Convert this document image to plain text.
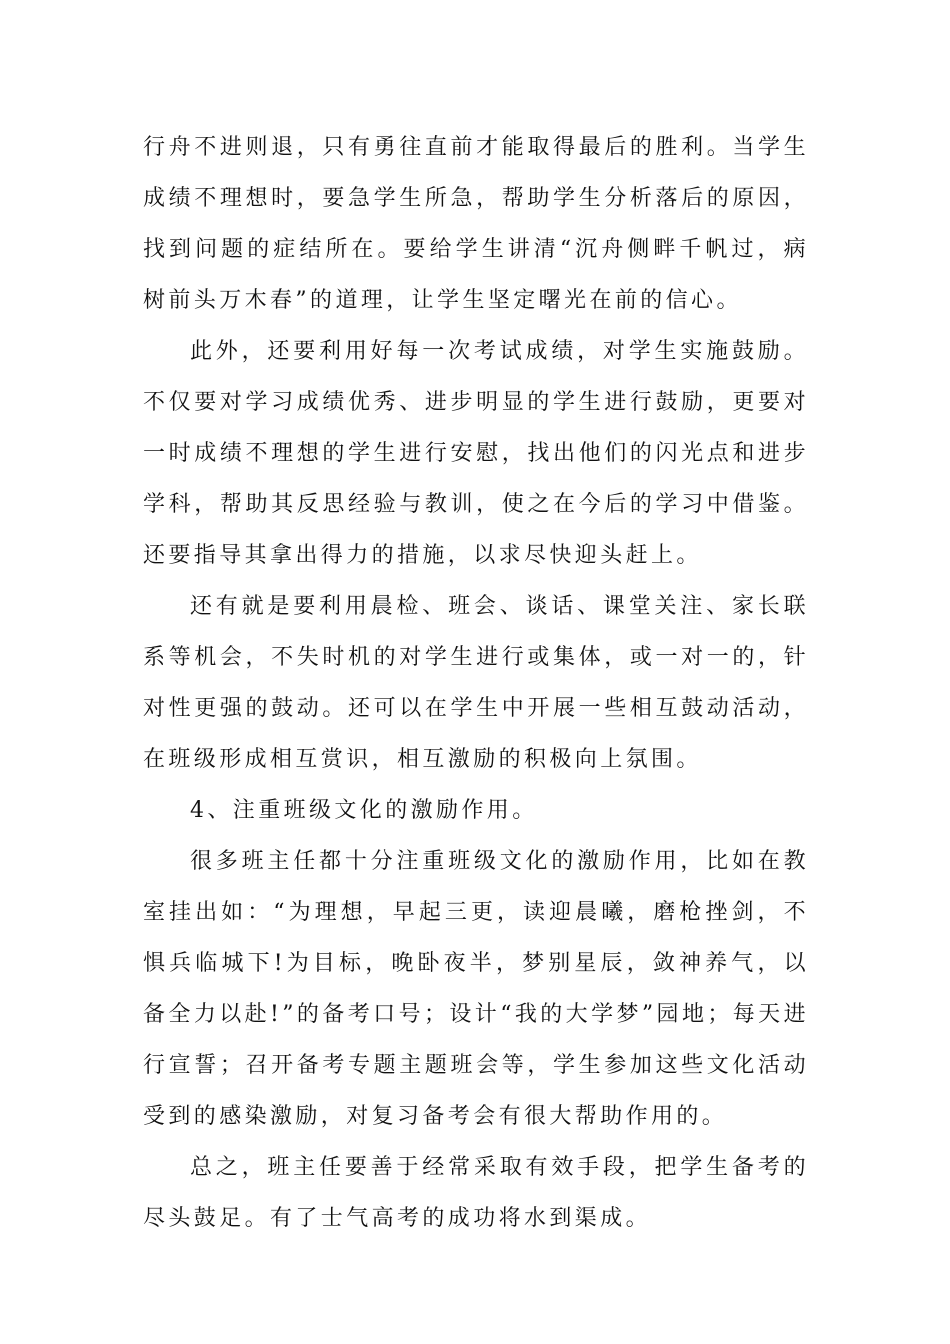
行舟不进则退，只有勇往直前才能取得最后的胜利。当学生成绩不理想时，要急学生所急，帮助学生分析落后的原因，找到问题的症结所在。要给学生讲清“沉舟侧畔千帆过，病树前头万木春”的道理，让学生坚定曙光在前的信心。

此外，还要利用好每一次考试成绩，对学生实施鼓励。不仅要对学习成绩优秀、进步明显的学生进行鼓励，更要对一时成绩不理想的学生进行安慰，找出他们的闪光点和进步学科，帮助其反思经验与教训，使之在今后的学习中借鉴。还要指导其拿出得力的措施，以求尽快迎头赶上。

还有就是要利用晨检、班会、谈话、课堂关注、家长联系等机会，不失时机的对学生进行或集体，或一对一的，针对性更强的鼓动。还可以在学生中开展一些相互鼓动活动，在班级形成相互赏识，相互激励的积极向上氛围。

4、注重班级文化的激励作用。

很多班主任都十分注重班级文化的激励作用，比如在教室挂出如：“为理想，早起三更，读迎晨曦，磨枪挫剑，不惧兵临城下!为目标，晚卧夜半，梦别星辰，敛神养气，以备全力以赴!”的备考口号；设计“我的大学梦”园地；每天进行宣誓；召开备考专题主题班会等，学生参加这些文化活动受到的感染激励，对复习备考会有很大帮助作用的。

总之，班主任要善于经常采取有效手段，把学生备考的尽头鼓足。有了士气高考的成功将水到渠成。
